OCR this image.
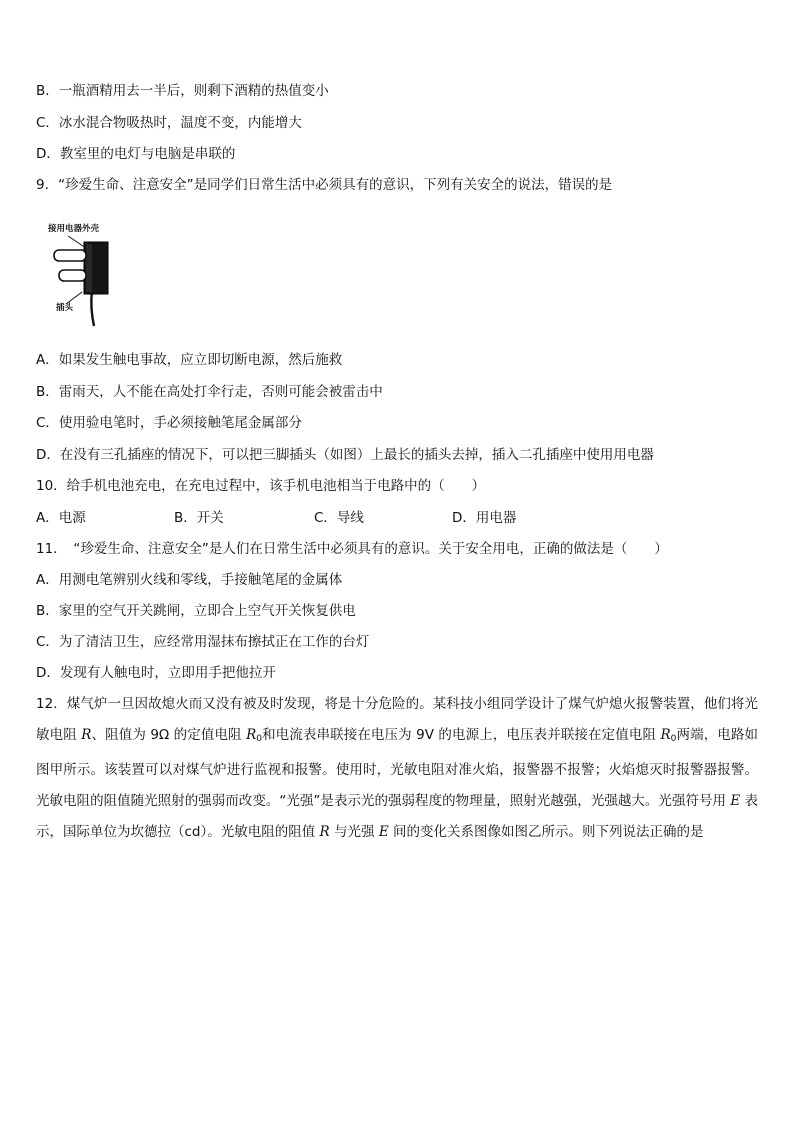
B．一瓶酒精用去一半后，则剩下酒精的热值变小
C．冰水混合物吸热时，温度不变，内能增大
D．教室里的电灯与电脑是串联的
9．“珍爱生命、注意安全”是同学们日常生活中必须具有的意识，下列有关安全的说法，错误的是
接用电器外壳
插头
A．如果发生触电事故，应立即切断电源，然后施救
B．雷雨天，人不能在高处打伞行走，否则可能会被雷击中
C．使用验电笔时，手必须接触笔尾金属部分
D．在没有三孔插座的情况下，可以把三脚插头（如图）上最长的插头去掉，插入二孔插座中使用用电器
10．给手机电池充电，在充电过程中，该手机电池相当于电路中的（　　）
A．电源	B．开关	C．导线	D．用电器
11．　“珍爱生命、注意安全”是人们在日常生活中必须具有的意识。关于安全用电，正确的做法是（　　）
A．用测电笔辨别火线和零线，手接触笔尾的金属体
B．家里的空气开关跳闸，立即合上空气开关恢复供电
C．为了清洁卫生，应经常用湿抹布擦拭正在工作的台灯
D．发现有人触电时，立即用手把他拉开
12．煤气炉一旦因故熄火而又没有被及时发现，将是十分危险的。某科技小组同学设计了煤气炉熄火报警装置，他们将光敏电阻 R、阻值为 9Ω 的定值电阻 $R_0$和电流表串联接在电压为 9V 的电源上，电压表并联接在定值电阻 $R_0$两端，电路如图甲所示。该装置可以对煤气炉进行监视和报警。使用时，光敏电阻对准火焰，报警器不报警；火焰熄灭时报警器报警。光敏电阻的阻值随光照射的强弱而改变。“光强”是表示光的强弱程度的物理量，照射光越强，光强越大。光强符号用 E 表示，国际单位为坎德拉（cd）。光敏电阻的阻值 R 与光强 E 间的变化关系图像如图乙所示。则下列说法正确的是
